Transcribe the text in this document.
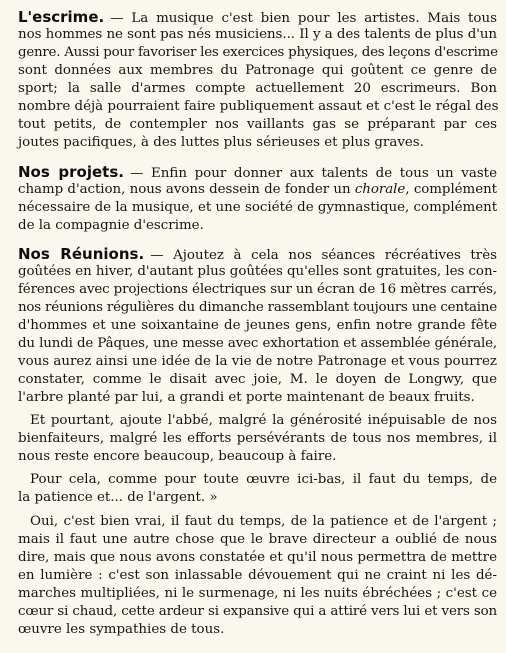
L'escrime. — La musique c'est bien pour les artistes. Mais tous
nos hommes ne sont pas nés musiciens... Il y a des talents de plus d'un
genre. Aussi pour favoriser les exercices physiques, des leçons d'escrime
sont données aux membres du Patronage qui goûtent ce genre de
sport; la salle d'armes compte actuellement 20 escrimeurs. Bon
nombre déjà pourraient faire publiquement assaut et c'est le régal des
tout petits, de contempler nos vaillants gas se préparant par ces
joutes pacifiques, à des luttes plus sérieuses et plus graves.
Nos projets. — Enfin pour donner aux talents de tous un vaste
champ d'action, nous avons dessein de fonder un chorale, complément
nécessaire de la musique, et une société de gymnastique, complément
de la compagnie d'escrime.
Nos Réunions. — Ajoutez à cela nos séances récréatives très
goûtées en hiver, d'autant plus goûtées qu'elles sont gratuites, les con-
férences avec projections électriques sur un écran de 16 mètres carrés,
nos réunions régulières du dimanche rassemblant toujours une centaine
d'hommes et une soixantaine de jeunes gens, enfin notre grande fête
du lundi de Pâques, une messe avec exhortation et assemblée générale,
vous aurez ainsi une idée de la vie de notre Patronage et vous pourrez
constater, comme le disait avec joie, M. le doyen de Longwy, que
l'arbre planté par lui, a grandi et porte maintenant de beaux fruits.
Et pourtant, ajoute l'abbé, malgré la générosité inépuisable de nos
bienfaiteurs, malgré les efforts persévérants de tous nos membres, il
nous reste encore beaucoup, beaucoup à faire.
Pour cela, comme pour toute œuvre ici-bas, il faut du temps, de
la patience et... de l'argent. »
Oui, c'est bien vrai, il faut du temps, de la patience et de l'argent ;
mais il faut une autre chose que le brave directeur a oublié de nous
dire, mais que nous avons constatée et qu'il nous permettra de mettre
en lumière : c'est son inlassable dévouement qui ne craint ni les dé-
marches multipliées, ni le surmenage, ni les nuits ébréchées ; c'est ce
cœur si chaud, cette ardeur si expansive qui a attiré vers lui et vers son
œuvre les sympathies de tous.
